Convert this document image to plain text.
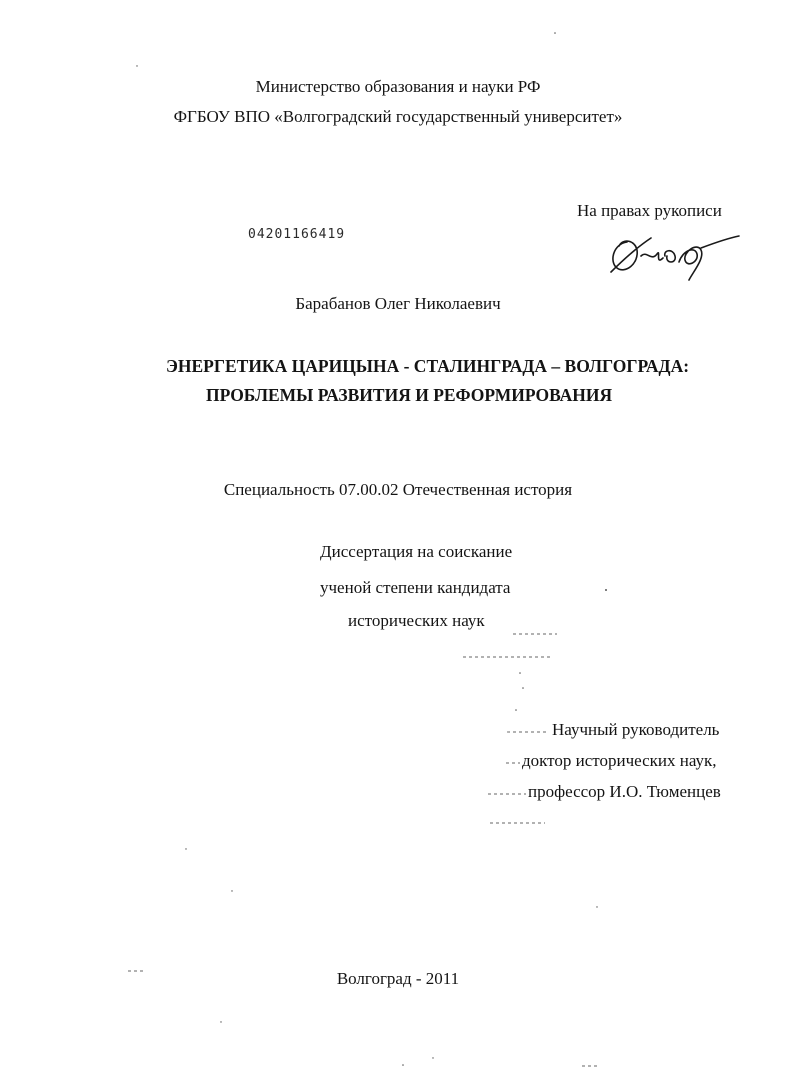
Министерство образования и науки РФ
ФГБОУ ВПО «Волгоградский государственный университет»
На правах рукописи
04201166419
Барабанов Олег Николаевич
ЭНЕРГЕТИКА ЦАРИЦЫНА - СТАЛИНГРАДА – ВОЛГОГРАДА:
ПРОБЛЕМЫ РАЗВИТИЯ И РЕФОРМИРОВАНИЯ
Специальность 07.00.02 Отечественная история
Диссертация на соискание
ученой степени кандидата
исторических наук
Научный руководитель
доктор исторических наук,
профессор И.О. Тюменцев
Волгоград - 2011
